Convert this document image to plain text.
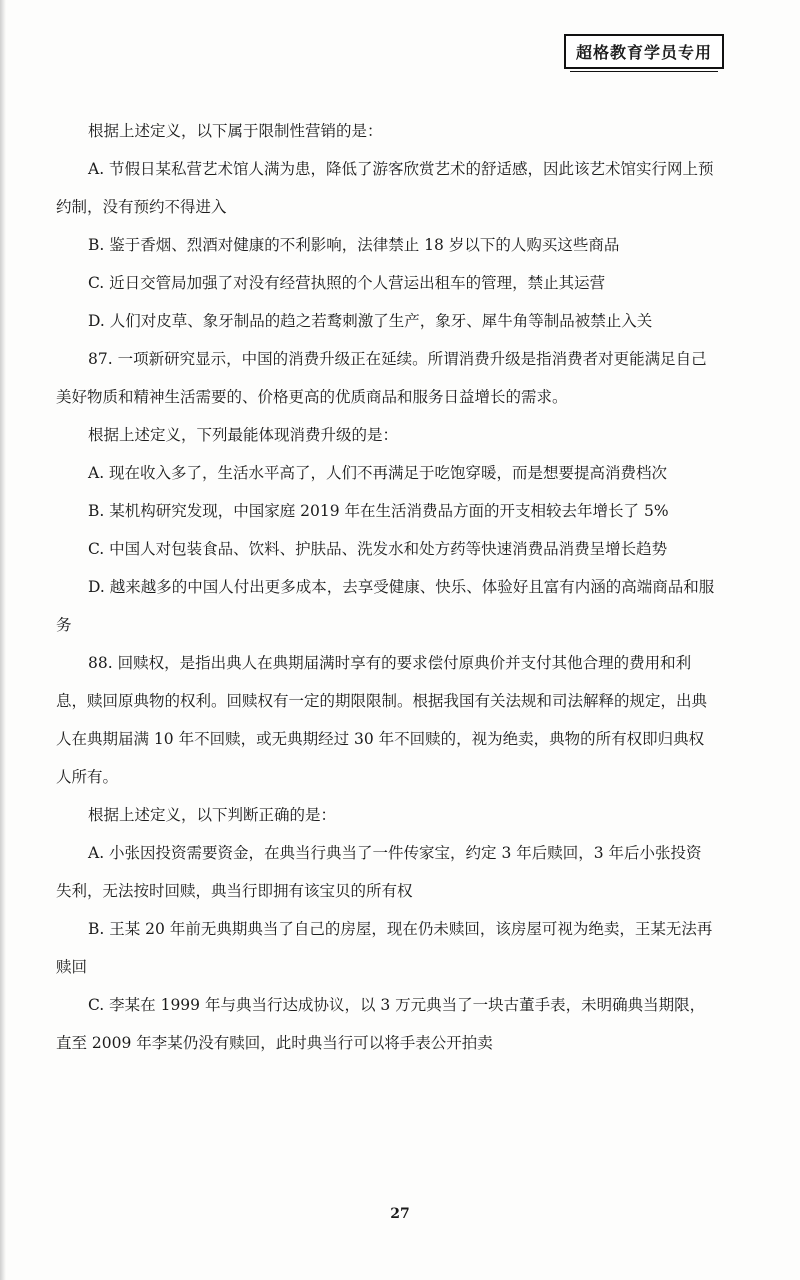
超格教育学员专用

根据上述定义，以下属于限制性营销的是：

A. 节假日某私营艺术馆人满为患，降低了游客欣赏艺术的舒适感，因此该艺术馆实行网上预约制，没有预约不得进入

B. 鉴于香烟、烈酒对健康的不利影响，法律禁止 18 岁以下的人购买这些商品

C. 近日交管局加强了对没有经营执照的个人营运出租车的管理，禁止其运营

D. 人们对皮草、象牙制品的趋之若鹜刺激了生产，象牙、犀牛角等制品被禁止入关

87. 一项新研究显示，中国的消费升级正在延续。所谓消费升级是指消费者对更能满足自己美好物质和精神生活需要的、价格更高的优质商品和服务日益增长的需求。

根据上述定义，下列最能体现消费升级的是：

A. 现在收入多了，生活水平高了，人们不再满足于吃饱穿暖，而是想要提高消费档次

B. 某机构研究发现，中国家庭 2019 年在生活消费品方面的开支相较去年增长了 5%

C. 中国人对包装食品、饮料、护肤品、洗发水和处方药等快速消费品消费呈增长趋势

D. 越来越多的中国人付出更多成本，去享受健康、快乐、体验好且富有内涵的高端商品和服务

88. 回赎权，是指出典人在典期届满时享有的要求偿付原典价并支付其他合理的费用和利息，赎回原典物的权利。回赎权有一定的期限限制。根据我国有关法规和司法解释的规定，出典人在典期届满 10 年不回赎，或无典期经过 30 年不回赎的，视为绝卖，典物的所有权即归典权人所有。

根据上述定义，以下判断正确的是：

A. 小张因投资需要资金，在典当行典当了一件传家宝，约定 3 年后赎回，3 年后小张投资失利，无法按时回赎，典当行即拥有该宝贝的所有权

B. 王某 20 年前无典期典当了自己的房屋，现在仍未赎回，该房屋可视为绝卖，王某无法再赎回

C. 李某在 1999 年与典当行达成协议，以 3 万元典当了一块古董手表，未明确典当期限，直至 2009 年李某仍没有赎回，此时典当行可以将手表公开拍卖

27
